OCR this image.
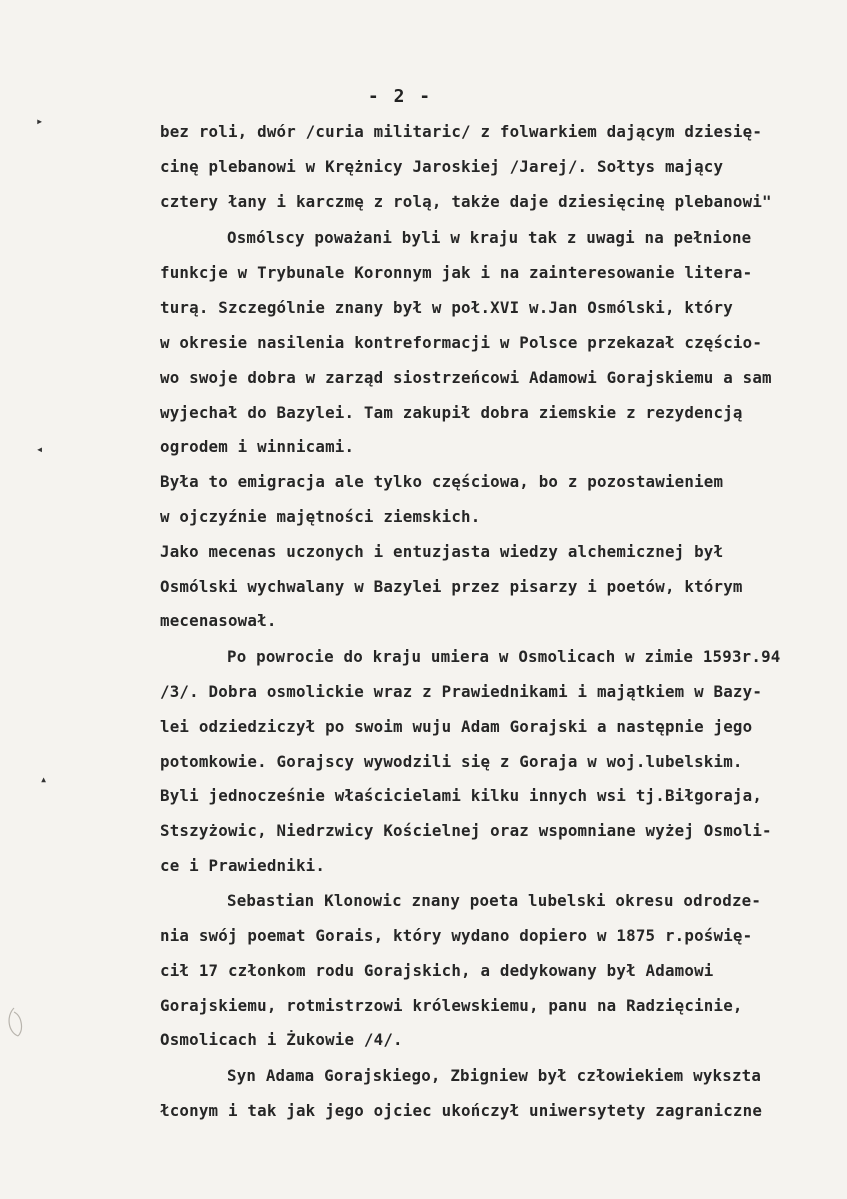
- 2 -
bez roli, dwór /curia militaric/ z folwarkiem dającym dziesię-
cinę plebanowi w Krężnicy Jaroskiej /Jarej/. Sołtys mający
cztery łany i karczmę z rolą, także daje dziesięcinę plebanowi"
Osmólscy poważani byli w kraju tak z uwagi na pełnione
funkcje w Trybunale Koronnym jak i na zainteresowanie litera-
turą. Szczególnie znany był w poł.XVI w.Jan Osmólski, który
w okresie nasilenia kontreformacji w Polsce przekazał częścio-
wo swoje dobra w zarząd siostrzeńcowi Adamowi Gorajskiemu a sam
wyjechał do Bazylei. Tam zakupił dobra ziemskie z rezydencją
ogrodem i winnicami.
Była to emigracja ale tylko częściowa, bo z pozostawieniem
w ojczyźnie majętności ziemskich.
Jako mecenas uczonych i entuzjasta wiedzy alchemicznej był
Osmólski wychwalany w Bazylei przez pisarzy i poetów, którym
mecenasował.
Po powrocie do kraju umiera w Osmolicach w zimie 1593r.94
/3/. Dobra osmolickie wraz z Prawiednikami i majątkiem w Bazy-
lei odziedziczył po swoim wuju Adam Gorajski a następnie jego
potomkowie. Gorajscy wywodzili się z Goraja w woj.lubelskim.
Byli jednocześnie właścicielami kilku innych wsi tj.Biłgoraja,
Stszyżowic, Niedrzwicy Kościelnej oraz wspomniane wyżej Osmoli-
ce i Prawiedniki.
Sebastian Klonowic znany poeta lubelski okresu odrodze-
nia swój poemat Gorais, który wydano dopiero w 1875 r.poświę-
cił 17 członkom rodu Gorajskich, a dedykowany był Adamowi
Gorajskiemu, rotmistrzowi królewskiemu, panu na Radzięcinie,
Osmolicach i Żukowie /4/.
Syn Adama Gorajskiego, Zbigniew był człowiekiem wykszta
łconym i tak jak jego ojciec ukończył uniwersytety zagraniczne
▸
◂
▴
